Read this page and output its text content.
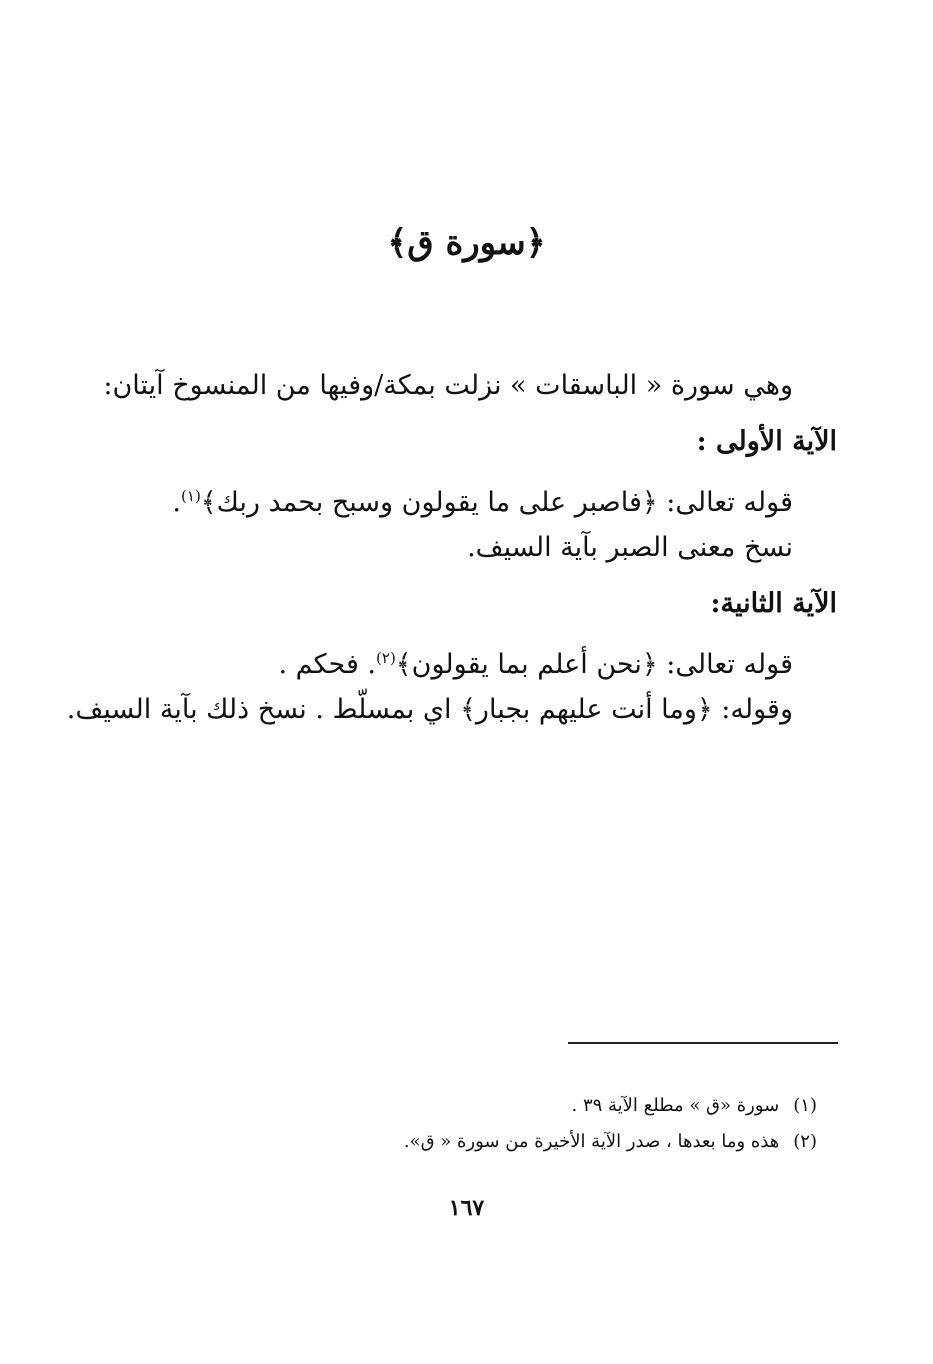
﴿سورة ق﴾
وهي سورة « الباسقات » نزلت بمكة/وفيها من المنسوخ آيتان:
الآية الأولى :
قوله تعالى: ﴿فاصبر على ما يقولون وسبح بحمد ربك﴾$^{(١)}$.
نسخ معنى الصبر بآية السيف.
الآية الثانية:
قوله تعالى: ﴿نحن أعلم بما يقولون﴾$^{(٢)}$. فحكم .
وقوله: ﴿وما أنت عليهم بجبار﴾ اي بمسلّط . نسخ ذلك بآية السيف.
(١)سورة «ق » مطلع الآية ٣٩ .
(٢)هذه وما بعدها ، صدر الآية الأخيرة من سورة « ق».
١٦٧
